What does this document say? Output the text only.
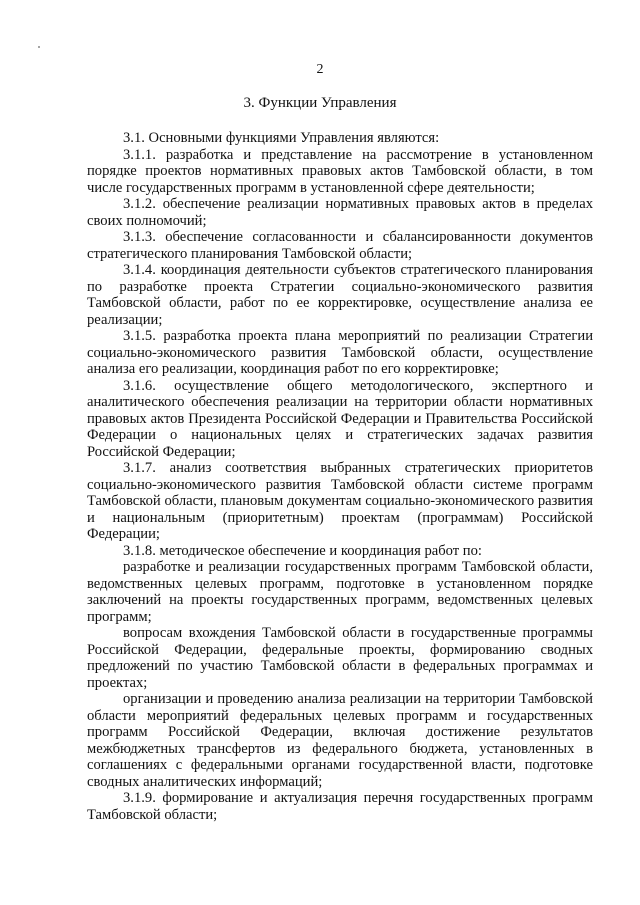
2
3. Функции Управления

3.1. Основными функциями Управления являются:

3.1.1. разработка и представление на рассмотрение в установленном порядке проектов нормативных правовых актов Тамбовской области, в том числе государственных программ в установленной сфере деятельности;

3.1.2. обеспечение реализации нормативных правовых актов в пределах своих полномочий;

3.1.3. обеспечение согласованности и сбалансированности документов стратегического планирования Тамбовской области;

3.1.4. координация деятельности субъектов стратегического планирования по разработке проекта Стратегии социально-экономического развития Тамбовской области, работ по ее корректировке, осуществление анализа ее реализации;

3.1.5. разработка проекта плана мероприятий по реализации Стратегии социально-экономического развития Тамбовской области, осуществление анализа его реализации, координация работ по его корректировке;

3.1.6. осуществление общего методологического, экспертного и аналитического обеспечения реализации на территории области нормативных правовых актов Президента Российской Федерации и Правительства Российской Федерации о национальных целях и стратегических задачах развития Российской Федерации;

3.1.7. анализ соответствия выбранных стратегических приоритетов социально-экономического развития Тамбовской области системе программ Тамбовской области, плановым документам социально-экономического развития и национальным (приоритетным) проектам (программам) Российской Федерации;

3.1.8. методическое обеспечение и координация работ по:

разработке и реализации государственных программ Тамбовской области, ведомственных целевых программ, подготовке в установленном порядке заключений на проекты государственных программ, ведомственных целевых программ;

вопросам вхождения Тамбовской области в государственные программы Российской Федерации, федеральные проекты, формированию сводных предложений по участию Тамбовской области в федеральных программах и проектах;

организации и проведению анализа реализации на территории Тамбовской области мероприятий федеральных целевых программ и государственных программ Российской Федерации, включая достижение результатов межбюджетных трансфертов из федерального бюджета, установленных в соглашениях с федеральными органами государственной власти, подготовке сводных аналитических информаций;

3.1.9. формирование и актуализация перечня государственных программ Тамбовской области;
